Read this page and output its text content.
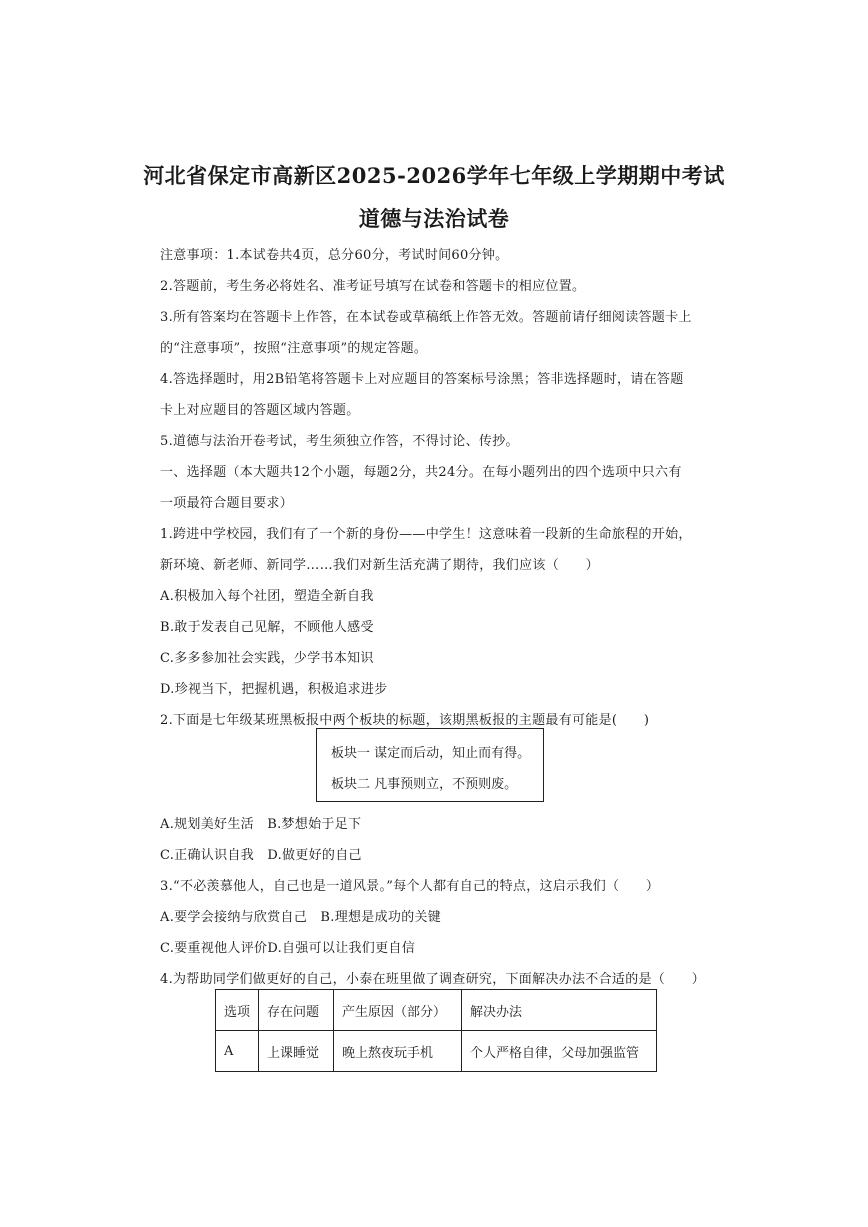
河北省保定市高新区2025-2026学年七年级上学期期中考试
道德与法治试卷
注意事项：1.本试卷共4页，总分60分，考试时间60分钟。
2.答题前，考生务必将姓名、准考证号填写在试卷和答题卡的相应位置。
3.所有答案均在答题卡上作答，在本试卷或草稿纸上作答无效。答题前请仔细阅读答题卡上
的“注意事项”，按照“注意事项”的规定答题。
4.答选择题时，用2B铅笔将答题卡上对应题目的答案标号涂黑；答非选择题时，请在答题
卡上对应题目的答题区域内答题。
5.道德与法治开卷考试，考生须独立作答，不得讨论、传抄。
一、选择题（本大题共12个小题，每题2分，共24分。在每小题列出的四个选项中只六有
一项最符合题目要求）
1.跨进中学校园，我们有了一个新的身份——中学生！这意味着一段新的生命旅程的开始，
新环境、新老师、新同学……我们对新生活充满了期待，我们应该（　　）
A.积极加入每个社团，塑造全新自我
B.敢于发表自己见解，不顾他人感受
C.多多参加社会实践，少学书本知识
D.珍视当下，把握机遇，积极追求进步
2.下面是七年级某班黑板报中两个板块的标题，该期黑板报的主题最有可能是(　　)
板块一 谋定而后动，知止而有得。
板块二 凡事预则立，不预则废。
A.规划美好生活　B.梦想始于足下
C.正确认识自我　D.做更好的自己
3.“不必羡慕他人，自己也是一道风景。”每个人都有自己的特点，这启示我们（　　）
A.要学会接纳与欣赏自己　B.理想是成功的关键
C.要重视他人评价D.自强可以让我们更自信
4.为帮助同学们做更好的自己，小泰在班里做了调查研究，下面解决办法不合适的是（　　）
选项	存在问题	产生原因（部分）	解决办法
A	上课睡觉	晚上熬夜玩手机	个人严格自律，父母加强监管
